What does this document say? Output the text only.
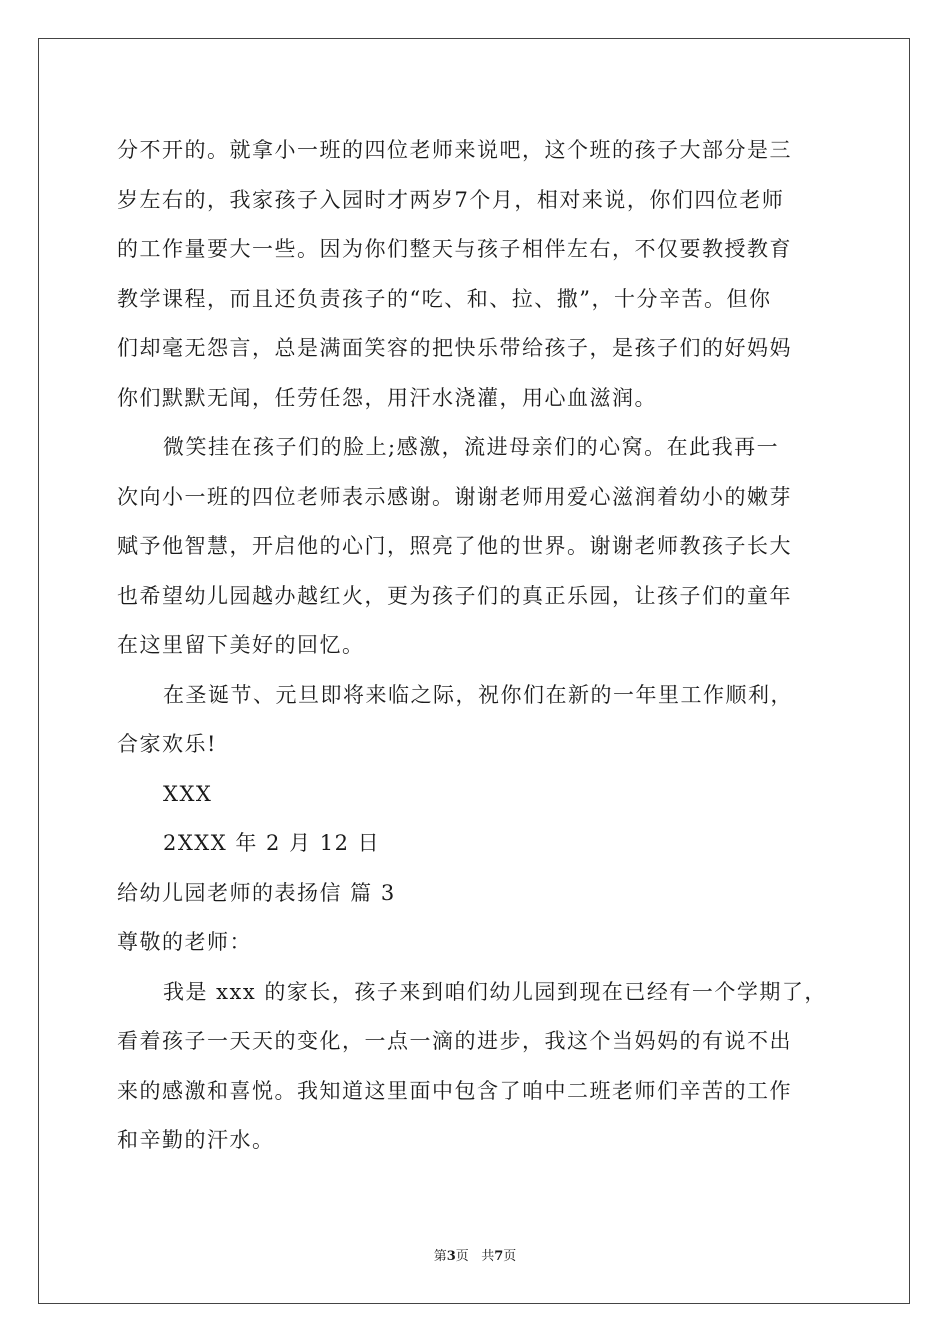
分不开的。就拿小一班的四位老师来说吧，这个班的孩子大部分是三
岁左右的，我家孩子入园时才两岁7个月，相对来说，你们四位老师
的工作量要大一些。因为你们整天与孩子相伴左右，不仅要教授教育
教学课程，而且还负责孩子的“吃、和、拉、撒”，十分辛苦。但你
们却毫无怨言，总是满面笑容的把快乐带给孩子，是孩子们的好妈妈
你们默默无闻，任劳任怨，用汗水浇灌，用心血滋润。
微笑挂在孩子们的脸上;感激，流进母亲们的心窝。在此我再一
次向小一班的四位老师表示感谢。谢谢老师用爱心滋润着幼小的嫩芽
赋予他智慧，开启他的心门，照亮了他的世界。谢谢老师教孩子长大
也希望幼儿园越办越红火，更为孩子们的真正乐园，让孩子们的童年
在这里留下美好的回忆。
在圣诞节、元旦即将来临之际，祝你们在新的一年里工作顺利，
合家欢乐!
XXX
2XXX 年 2 月 12 日
给幼儿园老师的表扬信 篇 3
尊敬的老师：
我是 xxx 的家长，孩子来到咱们幼儿园到现在已经有一个学期了，
看着孩子一天天的变化，一点一滴的进步，我这个当妈妈的有说不出
来的感激和喜悦。我知道这里面中包含了咱中二班老师们辛苦的工作
和辛勤的汗水。
第3页 共7页
